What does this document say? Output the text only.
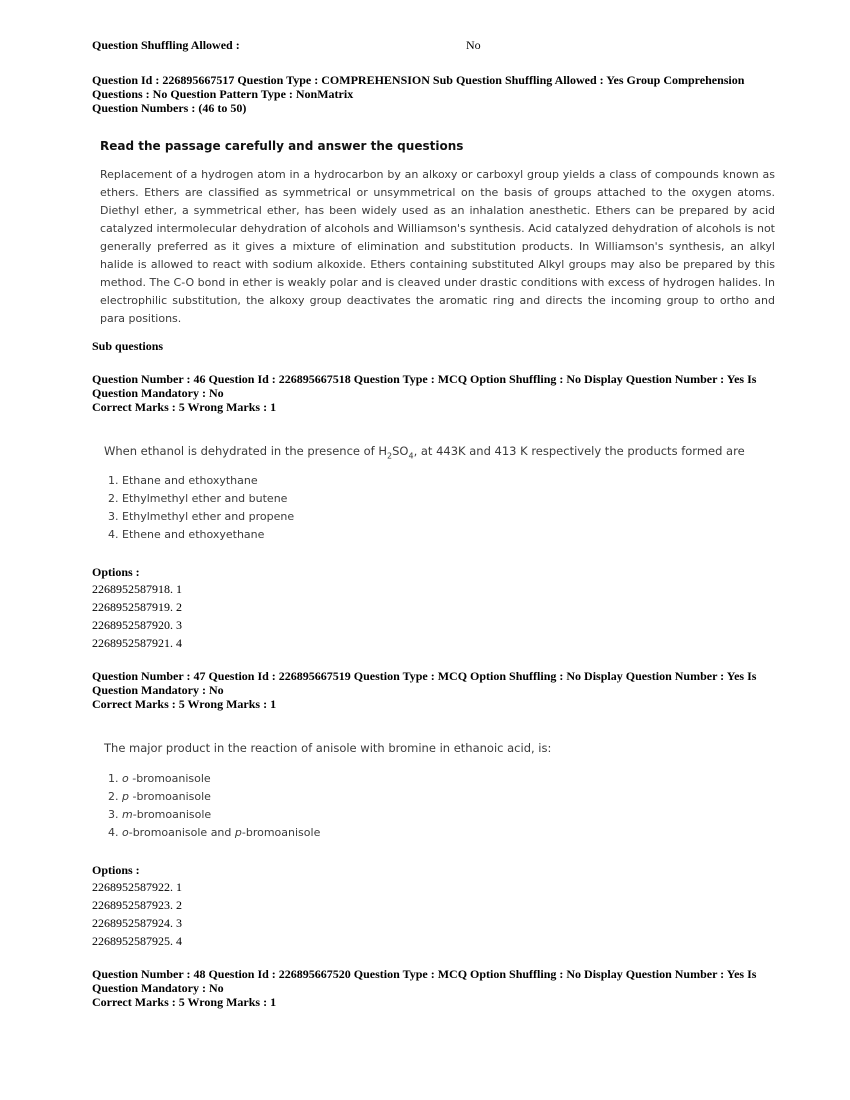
Question Shuffling Allowed :	No
Question Id : 226895667517 Question Type : COMPREHENSION Sub Question Shuffling Allowed : Yes Group Comprehension
Questions : No Question Pattern Type : NonMatrix
Question Numbers : (46 to 50)
Read the passage carefully and answer the questions
Replacement of a hydrogen atom in a hydrocarbon by an alkoxy or carboxyl group yields a class of compounds known as ethers. Ethers are classified as symmetrical or unsymmetrical on the basis of groups attached to the oxygen atoms. Diethyl ether, a symmetrical ether, has been widely used as an inhalation anesthetic. Ethers can be prepared by acid catalyzed intermolecular dehydration of alcohols and Williamson's synthesis. Acid catalyzed dehydration of alcohols is not generally preferred as it gives a mixture of elimination and substitution products. In Williamson's synthesis, an alkyl halide is allowed to react with sodium alkoxide. Ethers containing substituted Alkyl groups may also be prepared by this method. The C-O bond in ether is weakly polar and is cleaved under drastic conditions with excess of hydrogen halides. In electrophilic substitution, the alkoxy group deactivates the aromatic ring and directs the incoming group to ortho and para positions.
Sub questions
Question Number : 46 Question Id : 226895667518 Question Type : MCQ Option Shuffling : No Display Question Number : Yes Is
Question Mandatory : No
Correct Marks : 5 Wrong Marks : 1
When ethanol is dehydrated in the presence of $H_2SO_4$, at 443K and 413 K respectively the products formed are
1. Ethane and ethoxythane
2. Ethylmethyl ether and butene
3. Ethylmethyl ether and propene
4. Ethene and ethoxyethane
Options :
2268952587918. 1
2268952587919. 2
2268952587920. 3
2268952587921. 4
Question Number : 47 Question Id : 226895667519 Question Type : MCQ Option Shuffling : No Display Question Number : Yes Is
Question Mandatory : No
Correct Marks : 5 Wrong Marks : 1
The major product in the reaction of anisole with bromine in ethanoic acid, is:
1. o -bromoanisole
2. p -bromoanisole
3. m-bromoanisole
4. o-bromoanisole and p-bromoanisole
Options :
2268952587922. 1
2268952587923. 2
2268952587924. 3
2268952587925. 4
Question Number : 48 Question Id : 226895667520 Question Type : MCQ Option Shuffling : No Display Question Number : Yes Is
Question Mandatory : No
Correct Marks : 5 Wrong Marks : 1
